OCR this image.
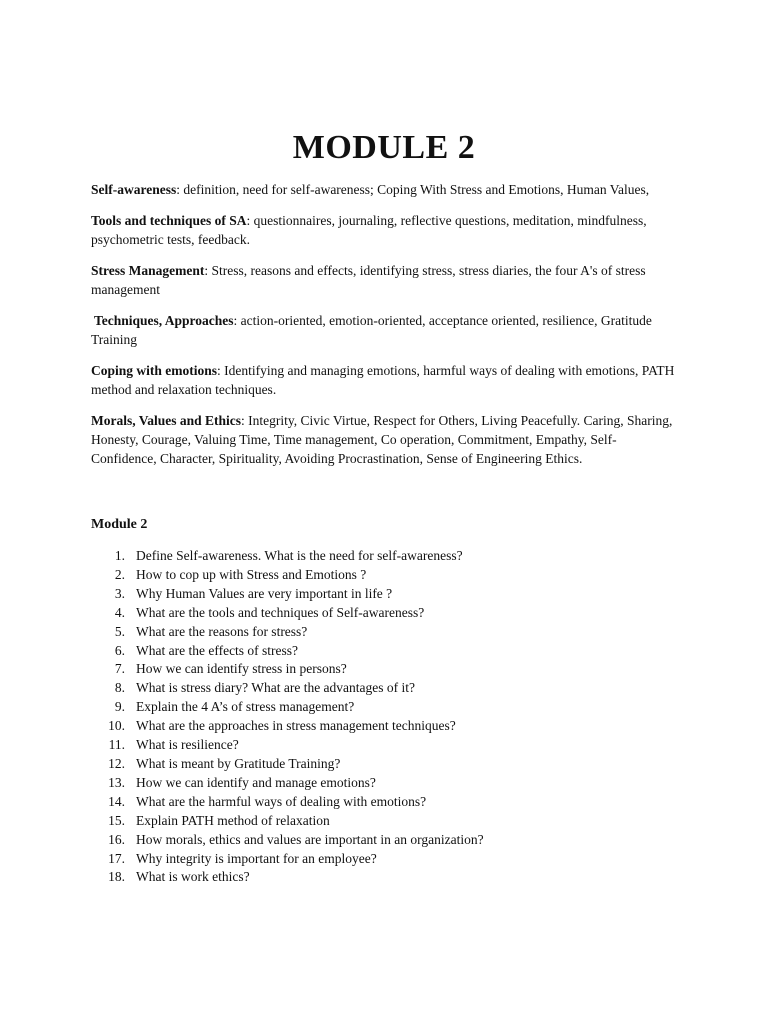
MODULE 2

Self-awareness: definition, need for self-awareness; Coping With Stress and Emotions, Human Values,

Tools and techniques of SA: questionnaires, journaling, reflective questions, meditation, mindfulness, psychometric tests, feedback.

Stress Management: Stress, reasons and effects, identifying stress, stress diaries, the four A's of stress management

Techniques, Approaches: action-oriented, emotion-oriented, acceptance oriented, resilience, Gratitude Training

Coping with emotions: Identifying and managing emotions, harmful ways of dealing with emotions, PATH method and relaxation techniques.

Morals, Values and Ethics: Integrity, Civic Virtue, Respect for Others, Living Peacefully. Caring, Sharing, Honesty, Courage, Valuing Time, Time management, Co operation, Commitment, Empathy, Self-Confidence, Character, Spirituality, Avoiding Procrastination, Sense of Engineering Ethics.

Module 2
1. Define Self-awareness. What is the need for self-awareness?
2. How to cop up with Stress and Emotions ?
3. Why Human Values are very important in life ?
4. What are the tools and techniques of Self-awareness?
5. What are the reasons for stress?
6. What are the effects of stress?
7. How we can identify stress in persons?
8. What is stress diary? What are the advantages of it?
9. Explain the 4 A’s of stress management?
10. What are the approaches in stress management techniques?
11. What is resilience?
12. What is meant by Gratitude Training?
13. How we can identify and manage emotions?
14. What are the harmful ways of dealing with emotions?
15. Explain PATH method of relaxation
16. How morals, ethics and values are important in an organization?
17. Why integrity is important for an employee?
18. What is work ethics?
